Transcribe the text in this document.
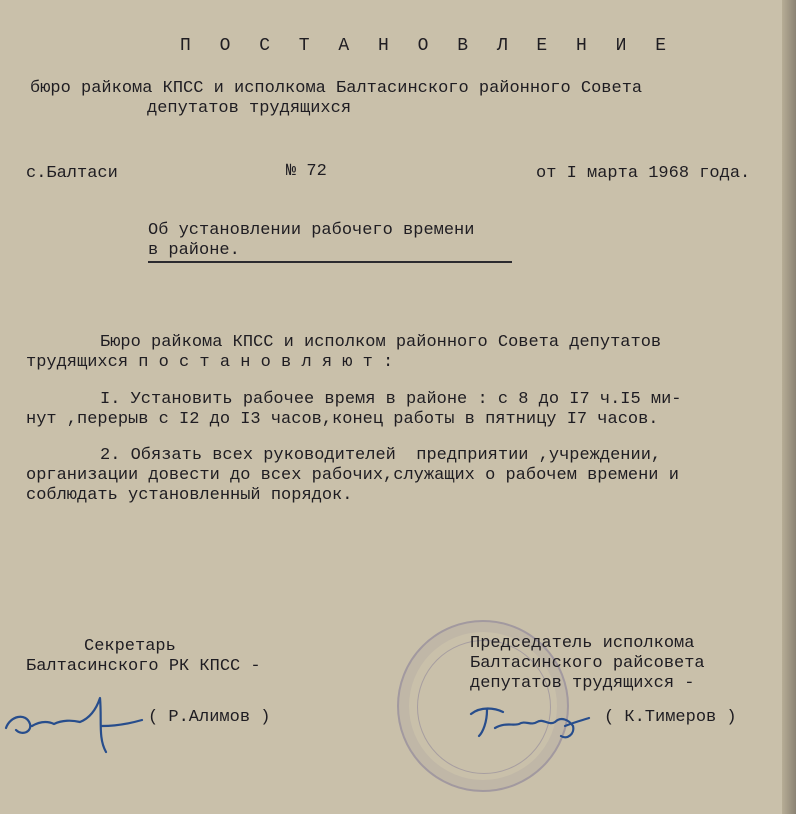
П О С Т А Н О В Л Е Н И Е
бюро райкома КПСС и исполкома Балтасинского районного Совета
депутатов трудящихся
с.Балтаси	№ 72	от I марта 1968 года.
Об установлении рабочего времени
в районе.
Бюро райкома КПСС и исполком районного Совета депутатов
трудящихся п о с т а н о в л я ю т :
I. Установить рабочее время в районе : с 8 до I7 ч.I5 ми-
нут ,перерыв с I2 до I3 часов,конец работы в пятницу I7 часов.
2. Обязать всех руководителей  предприятии ,учреждении,
организации довести до всех рабочих,служащих о рабочем времени и
соблюдать установленный порядок.
Секретарь
Балтасинского РК КПСС -
( Р.Алимов )
Председатель исполкома
Балтасинского райсовета
депутатов трудящихся -
( К.Тимеров )
